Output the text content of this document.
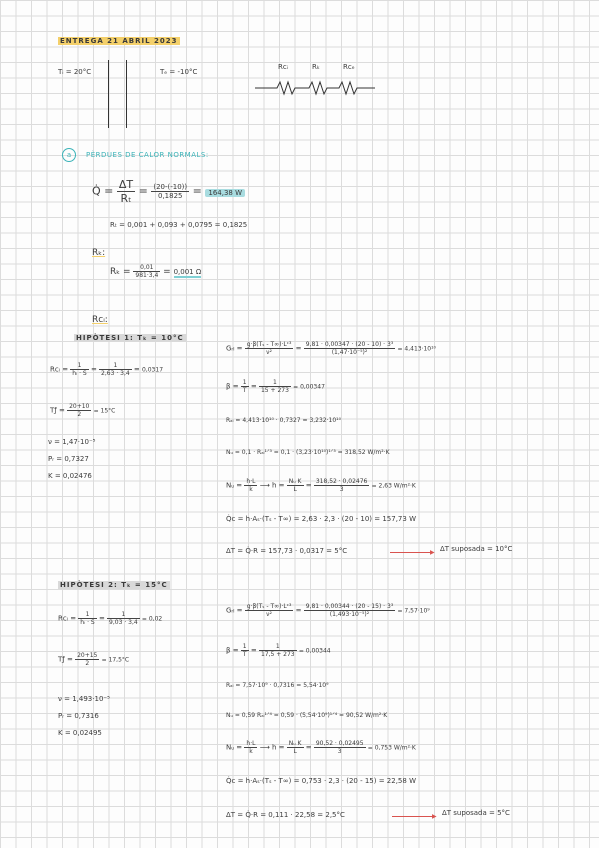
ENTREGA 21 ABRIL 2023
Tᵢ = 20°C	Tₑ = -10°C
Rᴄᵢ	Rₖ	Rᴄₑ
a	PÈRDUES DE CALOR NORMALS:
Q̇ = $\frac{\Delta T}{\text{Rₜ}} = \frac{(20-(-10))}{0,1825} = 164,38$ W
Rₜ = 0,001 + 0,093 + 0,0795 = 0,1825
Rₖ:
$R_k = \frac{0,01}{981\cdot 3,4} = 0,001$ Ω
Rᴄᵢ:
HIPÒTESI 1: Tₖ = 10°C
Rᴄᵢ = $\frac{1}{\text{hᵢ · S}} = \frac{1}{2,63 \cdot 3,4} = 0,0317$
Tƒ = $\frac{20+10}{2} = 15^\circ C$
ν = 1,47·10⁻⁵
Pᵣ = 0,7327
K = 0,02476
Gᵣₗ = $\frac{\text{g·β(Tₛ - T∞)·Lᶜ³}}{\text{ν²}} = \frac{\text{9,81 · 0,00347 · (20 - 10) · 3³}}{\text{(1,47·10⁻⁵)²}} = 4,413\cdot 10^{10}$
$\beta = \frac{1}{T} = \frac{1}{15 + 273} = 0,00347$
Rₐₗ = 4,413·10¹⁰ · 0,7327 = 3,232·10¹⁰
Nᵤ = 0,1 · Rₐₗ¹ᐟ³ = 0,1 · (3,23·10¹⁰)¹ᐟ³ = 318,52 W/m²·K
Nᵤ = $\frac{h\cdot L}{k}$ ⟶ $h = \frac{\text{Nᵤ K}}{L} = \frac{318,52 \cdot 0,02476}{3} = 2,63$ W/m²·K
Q̇ᴄ = h·Aₛ·(Tₛ - T∞) = 2,63 · 2,3 · (20 - 10) = 157,73 W
ΔT = Q̇·R = 157,73 · 0,0317 = 5°C	▶ ΔT suposada = 10°C
HIPÒTESI 2: Tₖ = 15°C
Rᴄᵢ = $\frac{1}{\text{hᵢ · S}} = \frac{1}{9,03 \cdot 3,4} = 0,02$
Tƒ = $\frac{20+15}{2} = 17,5^\circ C$
ν = 1,493·10⁻⁵
Pᵣ = 0,7316
K = 0,02495
Gᵣₗ = $\frac{\text{g·β(Tₛ - T∞)·Lᶜ³}}{\text{ν²}} = \frac{\text{9,81 · 0,00344 · (20 - 15) · 3³}}{\text{(1,493·10⁻⁵)²}} = 7,57\cdot 10^9$
$\beta = \frac{1}{T} = \frac{1}{17,5 + 273} = 0,00344$
Rₐₗ = 7,57·10⁹ · 0,7316 = 5,54·10⁹
Nᵤ = 0,59 Rₐₗ¹ᐟ⁴ = 0,59 · (5,54·10⁹)¹ᐟ⁴ = 90,52 W/m²·K
Nᵤ = $\frac{h\cdot L}{k}$ ⟶ $h = \frac{\text{Nᵤ K}}{L} = \frac{90,52 \cdot 0,02495}{3} = 0,753$ W/m²·K
Q̇ᴄ = h·Aₛ·(Tₛ - T∞) = 0,753 · 2,3 · (20 - 15) = 22,58 W
ΔT = Q̇·R = 0,111 · 22,58 = 2,5°C	▶ ΔT suposada = 5°C
